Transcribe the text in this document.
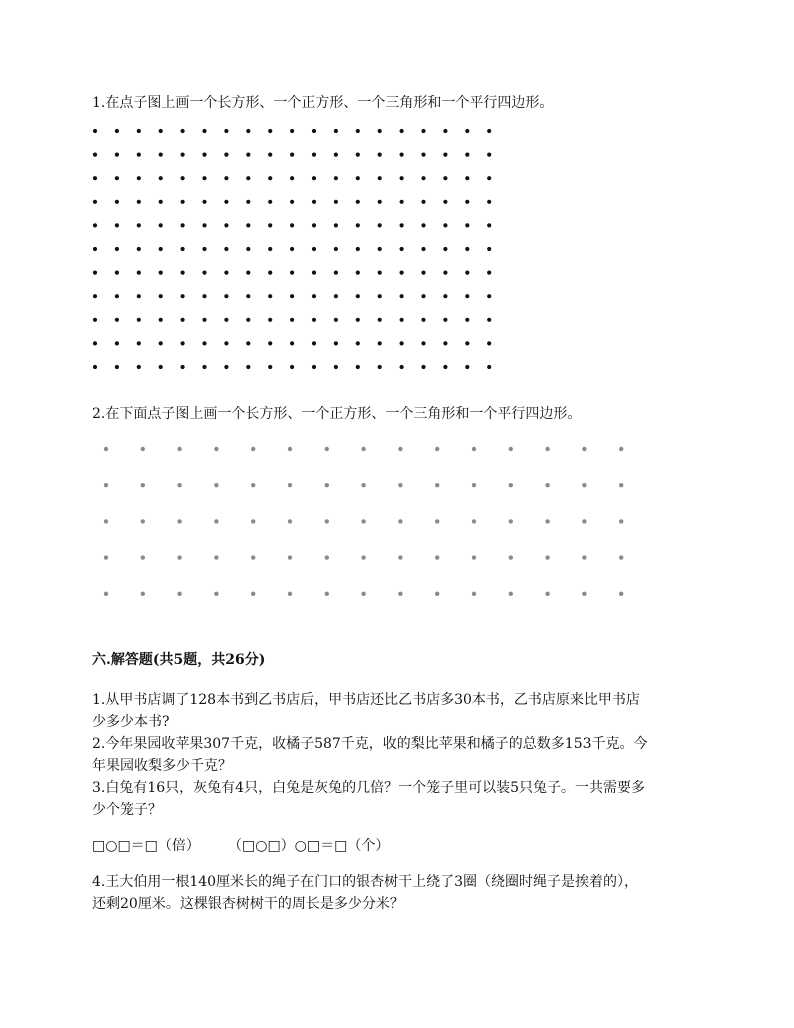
1.在点子图上画一个长方形、一个正方形、一个三角形和一个平行四边形。
2.在下面点子图上画一个长方形、一个正方形、一个三角形和一个平行四边形。
六.解答题(共5题，共26分)
1.从甲书店调了128本书到乙书店后，甲书店还比乙书店多30本书，乙书店原来比甲书店
少多少本书?
2.今年果园收苹果307千克，收橘子587千克，收的梨比苹果和橘子的总数多153千克。今
年果园收梨多少千克？
3.白兔有16只，灰兔有4只，白兔是灰兔的几倍？一个笼子里可以装5只兔子。一共需要多
少个笼子？
□○□＝□（倍） （□○□）○□＝□（个）
4.王大伯用一根140厘米长的绳子在门口的银杏树干上绕了3圈（绕圈时绳子是挨着的），
还剩20厘米。这棵银杏树树干的周长是多少分米？
